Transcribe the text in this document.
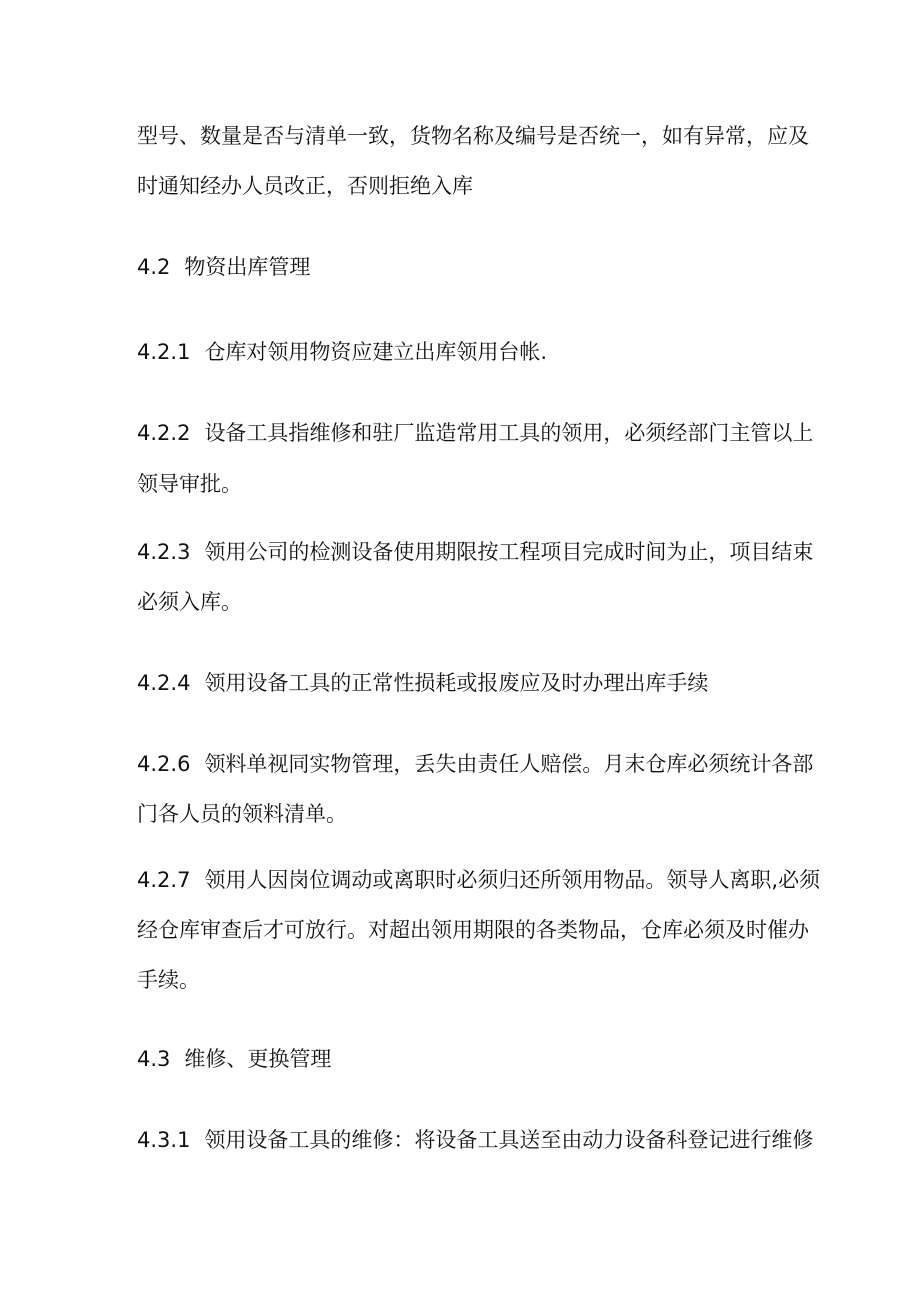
型号、数量是否与清单一致，货物名称及编号是否统一，如有异常，应及
时通知经办人员改正，否则拒绝入库
4.2 物资出库管理
4.2.1 仓库对领用物资应建立出库领用台帐.
4.2.2 设备工具指维修和驻厂监造常用工具的领用，必须经部门主管以上
领导审批。
4.2.3 领用公司的检测设备使用期限按工程项目完成时间为止，项目结束
必须入库。
4.2.4 领用设备工具的正常性损耗或报废应及时办理出库手续
4.2.6 领料单视同实物管理，丢失由责任人赔偿。月末仓库必须统计各部
门各人员的领料清单。
4.2.7 领用人因岗位调动或离职时必须归还所领用物品。领导人离职,必须
经仓库审查后才可放行。对超出领用期限的各类物品，仓库必须及时催办
手续。
4.3 维修、更换管理
4.3.1 领用设备工具的维修：将设备工具送至由动力设备科登记进行维修
